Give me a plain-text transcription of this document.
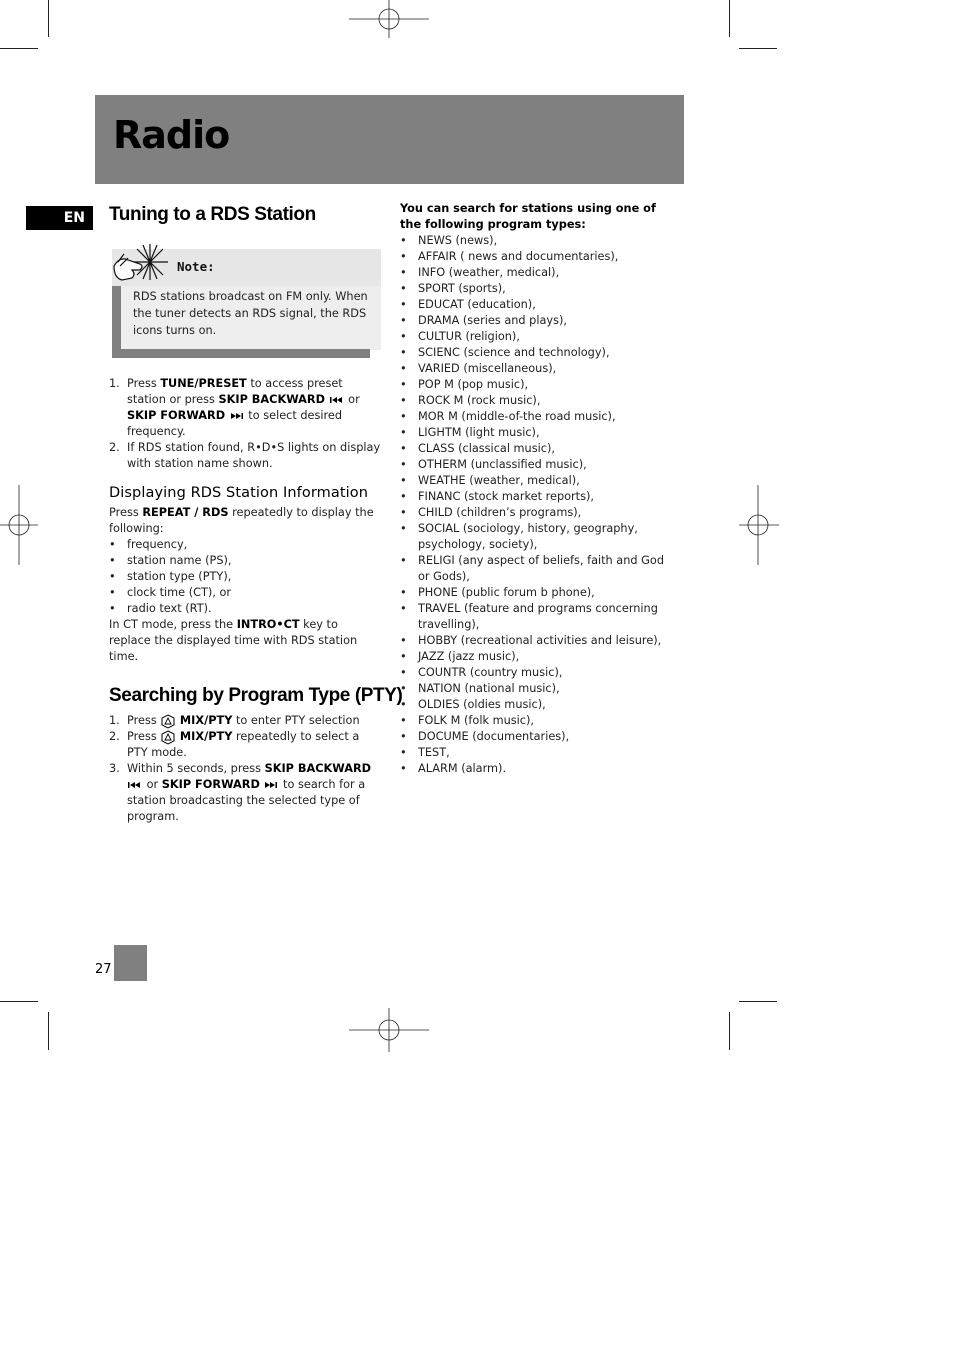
Radio
EN	Tuning to a RDS Station
Note:
RDS stations broadcast on FM only. When the tuner detects an RDS signal, the RDS icons turns on.
1. Press TUNE/PRESET to access preset station or press SKIP BACKWARD  or SKIP FORWARD  to select desired frequency.
2. If RDS station found, R•D•S lights on display with station name shown.
Displaying RDS Station Information
Press REPEAT / RDS repeatedly to display the following:
• frequency,
• station name (PS),
• station type (PTY),
• clock time (CT), or
• radio text (RT).
In CT mode, press the INTRO•CT key to replace the displayed time with RDS station time.
Searching by Program Type (PTY)
1. Press  MIX/PTY to enter PTY selection
2. Press  MIX/PTY repeatedly to select a PTY mode.
3. Within 5 seconds, press SKIP BACKWARD  or SKIP FORWARD  to search for a station broadcasting the selected type of program.
You can search for stations using one of the following program types:
• NEWS (news),
• AFFAIR ( news and documentaries),
• INFO (weather, medical),
• SPORT (sports),
• EDUCAT (education),
• DRAMA (series and plays),
• CULTUR (religion),
• SCIENC (science and technology),
• VARIED (miscellaneous),
• POP M (pop music),
• ROCK M (rock music),
• MOR M (middle-of-the road music),
• LIGHTM (light music),
• CLASS (classical music),
• OTHERM (unclassified music),
• WEATHE (weather, medical),
• FINANC (stock market reports),
• CHILD (children’s programs),
• SOCIAL (sociology, history, geography, psychology, society),
• RELIGI (any aspect of beliefs, faith and God or Gods),
• PHONE (public forum b phone),
• TRAVEL (feature and programs concerning travelling),
• HOBBY (recreational activities and leisure),
• JAZZ (jazz music),
• COUNTR (country music),
• NATION (national music),
• OLDIES (oldies music),
• FOLK M (folk music),
• DOCUME (documentaries),
• TEST,
• ALARM (alarm).
27
